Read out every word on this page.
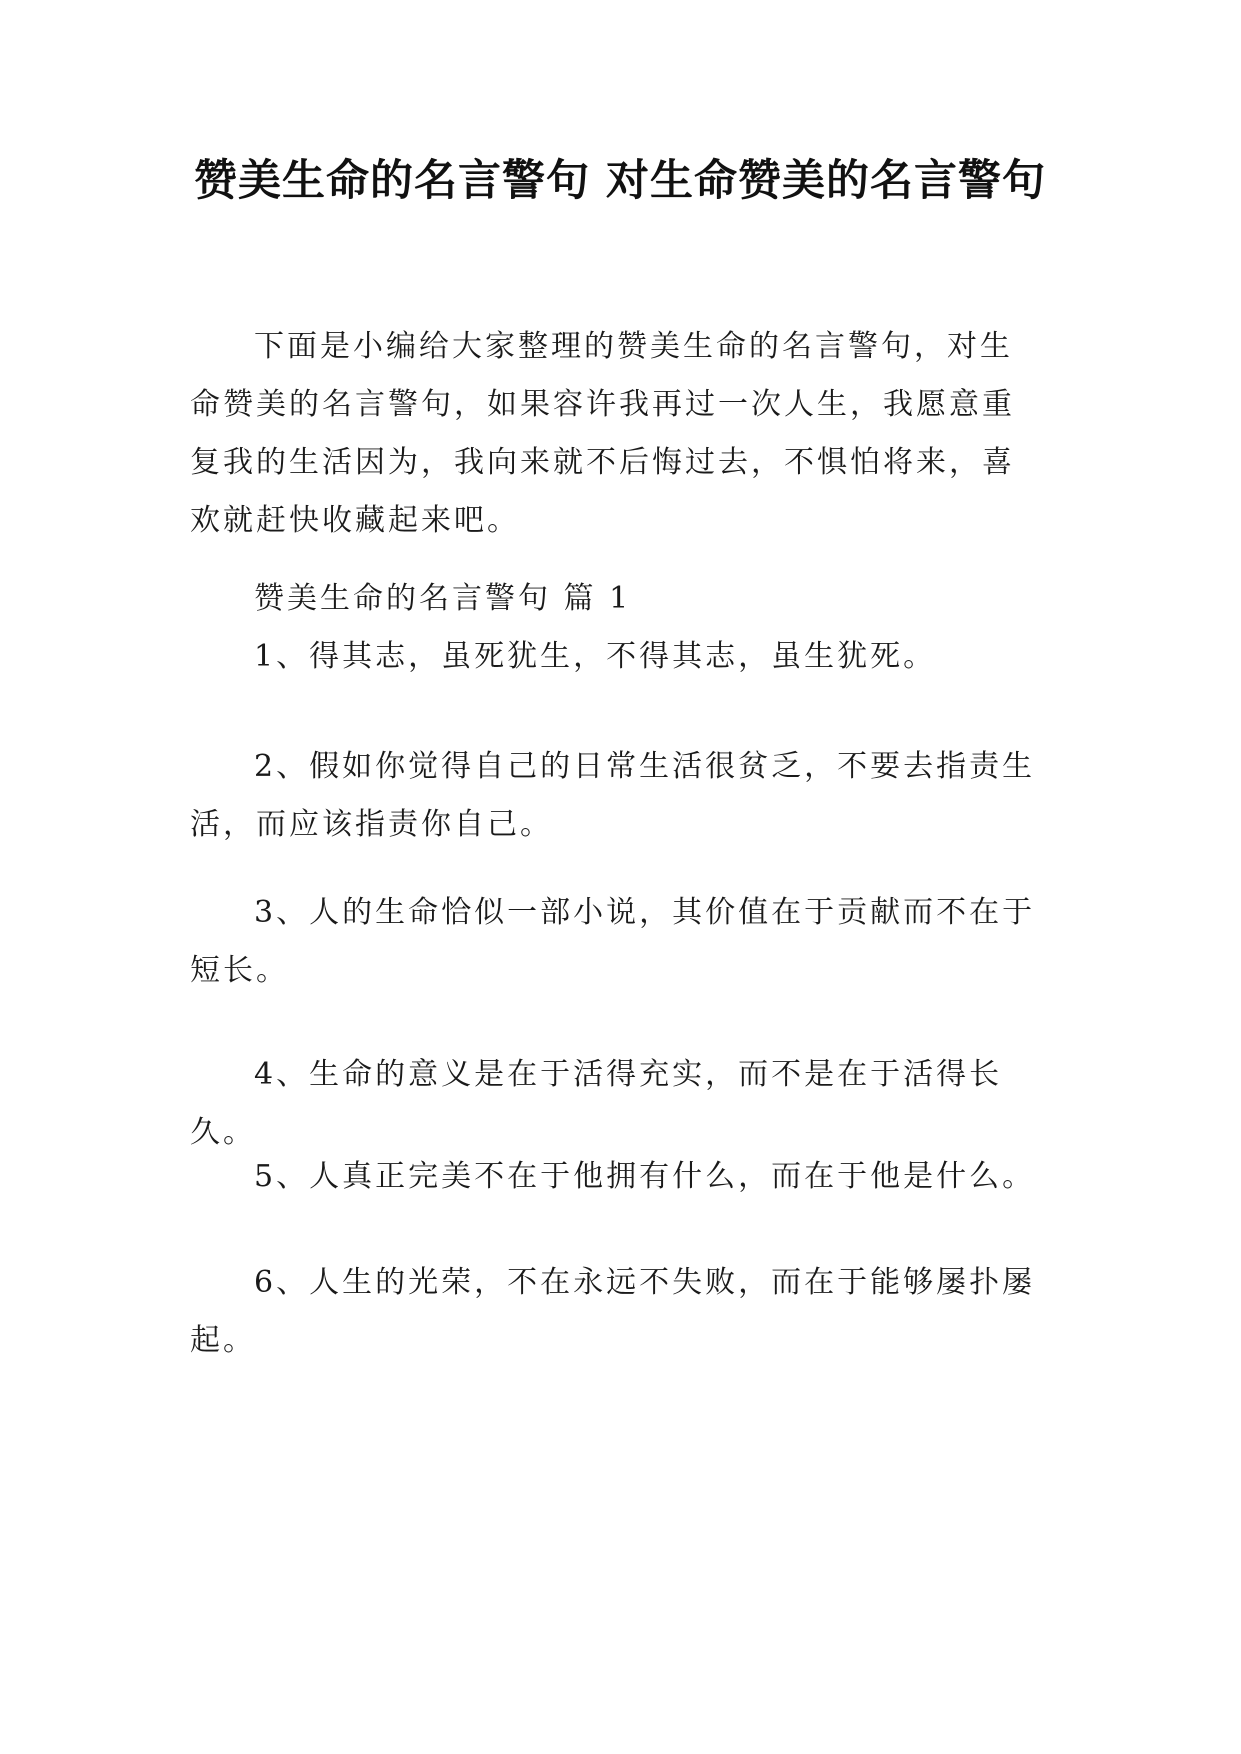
赞美生命的名言警句 对生命赞美的名言警句

下面是小编给大家整理的赞美生命的名言警句，对生命赞美的名言警句，如果容许我再过一次人生，我愿意重复我的生活因为，我向来就不后悔过去，不惧怕将来，喜欢就赶快收藏起来吧。

赞美生命的名言警句 篇 1

1、得其志，虽死犹生，不得其志，虽生犹死。

2、假如你觉得自己的日常生活很贫乏，不要去指责生活，而应该指责你自己。

3、人的生命恰似一部小说，其价值在于贡献而不在于短长。

4、生命的意义是在于活得充实，而不是在于活得长久。

5、人真正完美不在于他拥有什么，而在于他是什么。

6、人生的光荣，不在永远不失败，而在于能够屡扑屡起。
